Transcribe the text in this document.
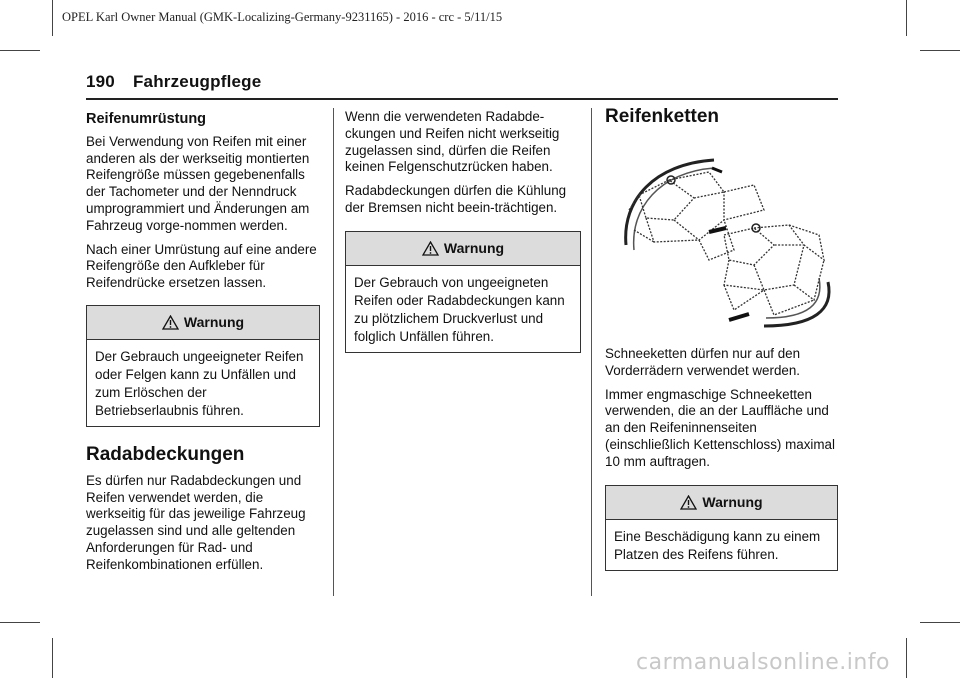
OPEL Karl Owner Manual (GMK-Localizing-Germany-9231165) - 2016 - crc - 5/11/15
190 Fahrzeugpflege
Reifenumrüstung

Bei Verwendung von Reifen mit einer anderen als der werkseitig montierten Reifengröße müssen gegebenenfalls der Tachometer und der Nenndruck umprogrammiert und Änderungen am Fahrzeug vorge-nommen werden.

Nach einer Umrüstung auf eine andere Reifengröße den Aufkleber für Reifendrücke ersetzen lassen.

Warnung
Der Gebrauch ungeeigneter Reifen oder Felgen kann zu Unfällen und zum Erlöschen der Betriebserlaubnis führen.
Radabdeckungen

Es dürfen nur Radabdeckungen und Reifen verwendet werden, die werkseitig für das jeweilige Fahrzeug zugelassen sind und alle geltenden Anforderungen für Rad- und Reifenkombinationen erfüllen.

Wenn die verwendeten Radabde-ckungen und Reifen nicht werkseitig zugelassen sind, dürfen die Reifen keinen Felgenschutzrücken haben.

Radabdeckungen dürfen die Kühlung der Bremsen nicht beein-trächtigen.

Warnung
Der Gebrauch von ungeeigneten Reifen oder Radabdeckungen kann zu plötzlichem Druckverlust und folglich Unfällen führen.
Reifenketten

Schneeketten dürfen nur auf den Vorderrädern verwendet werden.

Immer engmaschige Schneeketten verwenden, die an der Lauffläche und an den Reifeninnenseiten (einschließlich Kettenschloss) maximal 10 mm auftragen.

Warnung
Eine Beschädigung kann zu einem Platzen des Reifens führen.
carmanualsonline.info
